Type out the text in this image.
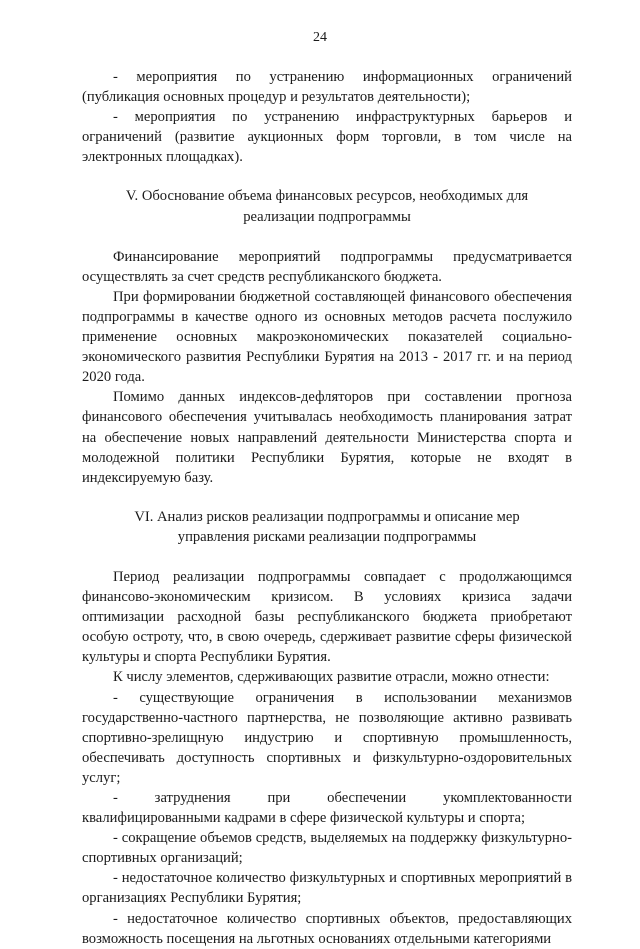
24

- мероприятия по устранению информационных ограничений (публикация основных процедур и результатов деятельности);

- мероприятия по устранению инфраструктурных барьеров и ограничений (развитие аукционных форм торговли, в том числе на электронных площадках).

V. Обоснование объема финансовых ресурсов, необходимых для реализации подпрограммы

Финансирование мероприятий подпрограммы предусматривается осуществлять за счет средств республиканского бюджета.

При формировании бюджетной составляющей финансового обеспечения подпрограммы в качестве одного из основных методов расчета послужило применение основных макроэкономических показателей социально-экономического развития Республики Бурятия на 2013 - 2017 гг. и на период 2020 года.

Помимо данных индексов-дефляторов при составлении прогноза финансового обеспечения учитывалась необходимость планирования затрат на обеспечение новых направлений деятельности Министерства спорта и молодежной политики Республики Бурятия, которые не входят в индексируемую базу.

VI. Анализ рисков реализации подпрограммы и описание мер управления рисками реализации подпрограммы

Период реализации подпрограммы совпадает с продолжающимся финансово-экономическим кризисом. В условиях кризиса задачи оптимизации расходной базы республиканского бюджета приобретают особую остроту, что, в свою очередь, сдерживает развитие сферы физической культуры и спорта Республики Бурятия.

К числу элементов, сдерживающих развитие отрасли, можно отнести:

- существующие ограничения в использовании механизмов государственно-частного партнерства, не позволяющие активно развивать спортивно-зрелищную индустрию и спортивную промышленность, обеспечивать доступность спортивных и физкультурно-оздоровительных услуг;

- затруднения при обеспечении укомплектованности квалифицированными кадрами в сфере физической культуры и спорта;

- сокращение объемов средств, выделяемых на поддержку физкультурно-спортивных организаций;

- недостаточное количество физкультурных и спортивных мероприятий в организациях Республики Бурятия;

- недостаточное количество спортивных объектов, предоставляющих возможность посещения на льготных основаниях отдельными категориями
